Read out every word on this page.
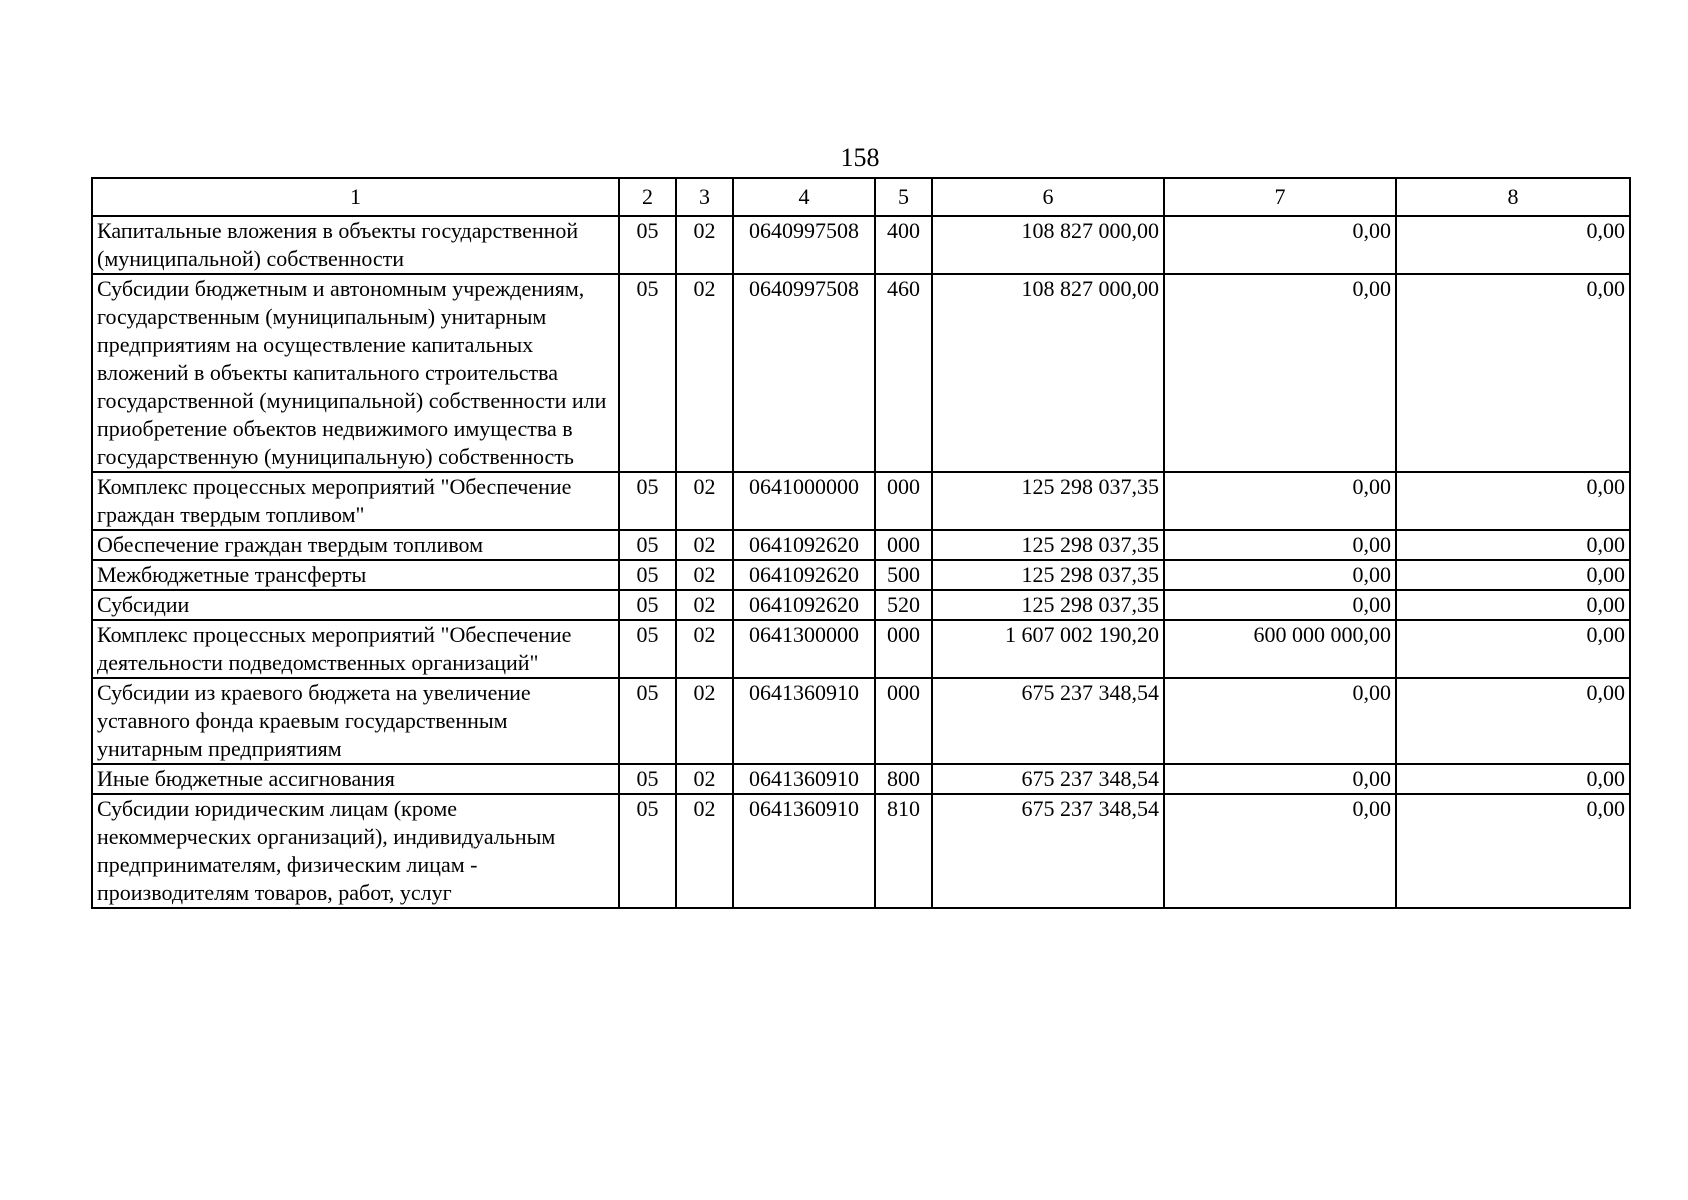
158
1	2	3	4	5	6	7	8
Капитальные вложения в объекты государственной (муниципальной) собственности	05	02	0640997508	400	108 827 000,00	0,00	0,00
Субсидии бюджетным и автономным учреждениям, государственным (муниципальным) унитарным предприятиям на осуществление капитальных вложений в объекты капитального строительства государственной (муниципальной) собственности или приобретение объектов недвижимого имущества в государственную (муниципальную) собственность	05	02	0640997508	460	108 827 000,00	0,00	0,00
Комплекс процессных мероприятий "Обеспечение граждан твердым топливом"	05	02	0641000000	000	125 298 037,35	0,00	0,00
Обеспечение граждан твердым топливом	05	02	0641092620	000	125 298 037,35	0,00	0,00
Межбюджетные трансферты	05	02	0641092620	500	125 298 037,35	0,00	0,00
Субсидии	05	02	0641092620	520	125 298 037,35	0,00	0,00
Комплекс процессных мероприятий "Обеспечение деятельности подведомственных организаций"	05	02	0641300000	000	1 607 002 190,20	600 000 000,00	0,00
Субсидии из краевого бюджета на увеличение уставного фонда краевым государственным унитарным предприятиям	05	02	0641360910	000	675 237 348,54	0,00	0,00
Иные бюджетные ассигнования	05	02	0641360910	800	675 237 348,54	0,00	0,00
Субсидии юридическим лицам (кроме некоммерческих организаций), индивидуальным предпринимателям, физическим лицам - производителям товаров, работ, услуг	05	02	0641360910	810	675 237 348,54	0,00	0,00
